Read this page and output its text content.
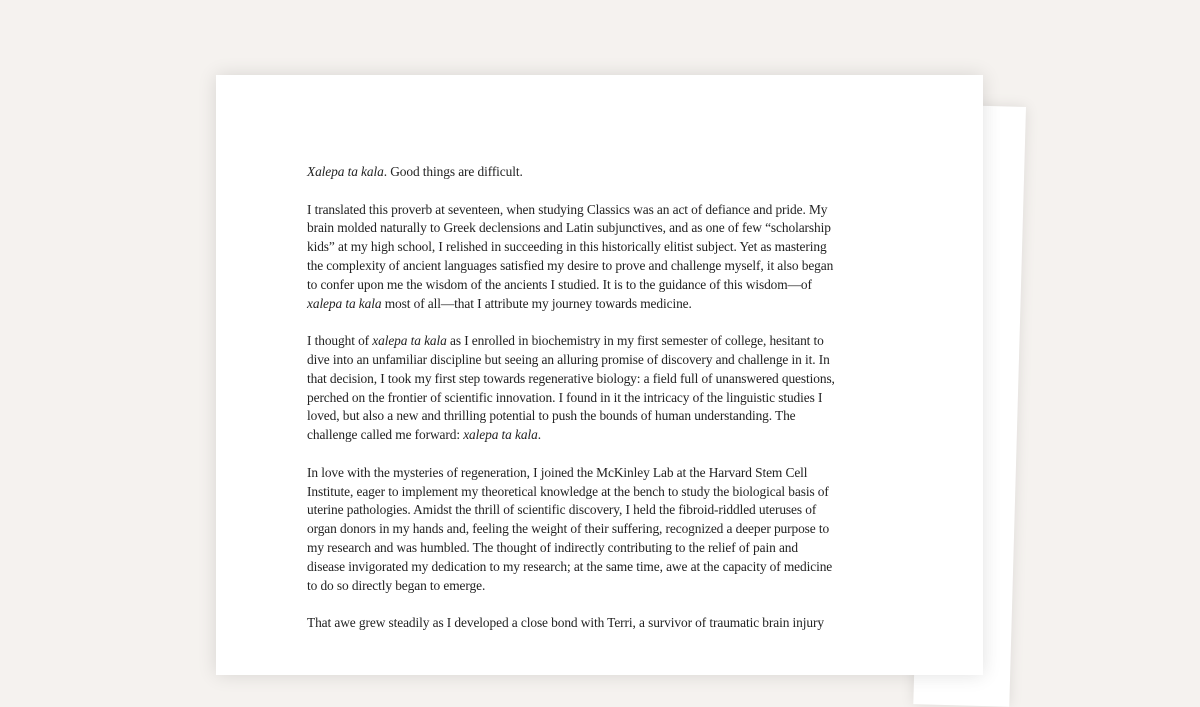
Xalepa ta kala. Good things are difficult.

I translated this proverb at seventeen, when studying Classics was an act of defiance and pride. My
brain molded naturally to Greek declensions and Latin subjunctives, and as one of few “scholarship
kids” at my high school, I relished in succeeding in this historically elitist subject. Yet as mastering
the complexity of ancient languages satisfied my desire to prove and challenge myself, it also began
to confer upon me the wisdom of the ancients I studied. It is to the guidance of this wisdom—of
xalepa ta kala most of all—that I attribute my journey towards medicine.

I thought of xalepa ta kala as I enrolled in biochemistry in my first semester of college, hesitant to
dive into an unfamiliar discipline but seeing an alluring promise of discovery and challenge in it. In
that decision, I took my first step towards regenerative biology: a field full of unanswered questions,
perched on the frontier of scientific innovation. I found in it the intricacy of the linguistic studies I
loved, but also a new and thrilling potential to push the bounds of human understanding. The
challenge called me forward: xalepa ta kala.

In love with the mysteries of regeneration, I joined the McKinley Lab at the Harvard Stem Cell
Institute, eager to implement my theoretical knowledge at the bench to study the biological basis of
uterine pathologies. Amidst the thrill of scientific discovery, I held the fibroid-riddled uteruses of
organ donors in my hands and, feeling the weight of their suffering, recognized a deeper purpose to
my research and was humbled. The thought of indirectly contributing to the relief of pain and
disease invigorated my dedication to my research; at the same time, awe at the capacity of medicine
to do so directly began to emerge.

That awe grew steadily as I developed a close bond with Terri, a survivor of traumatic brain injury
